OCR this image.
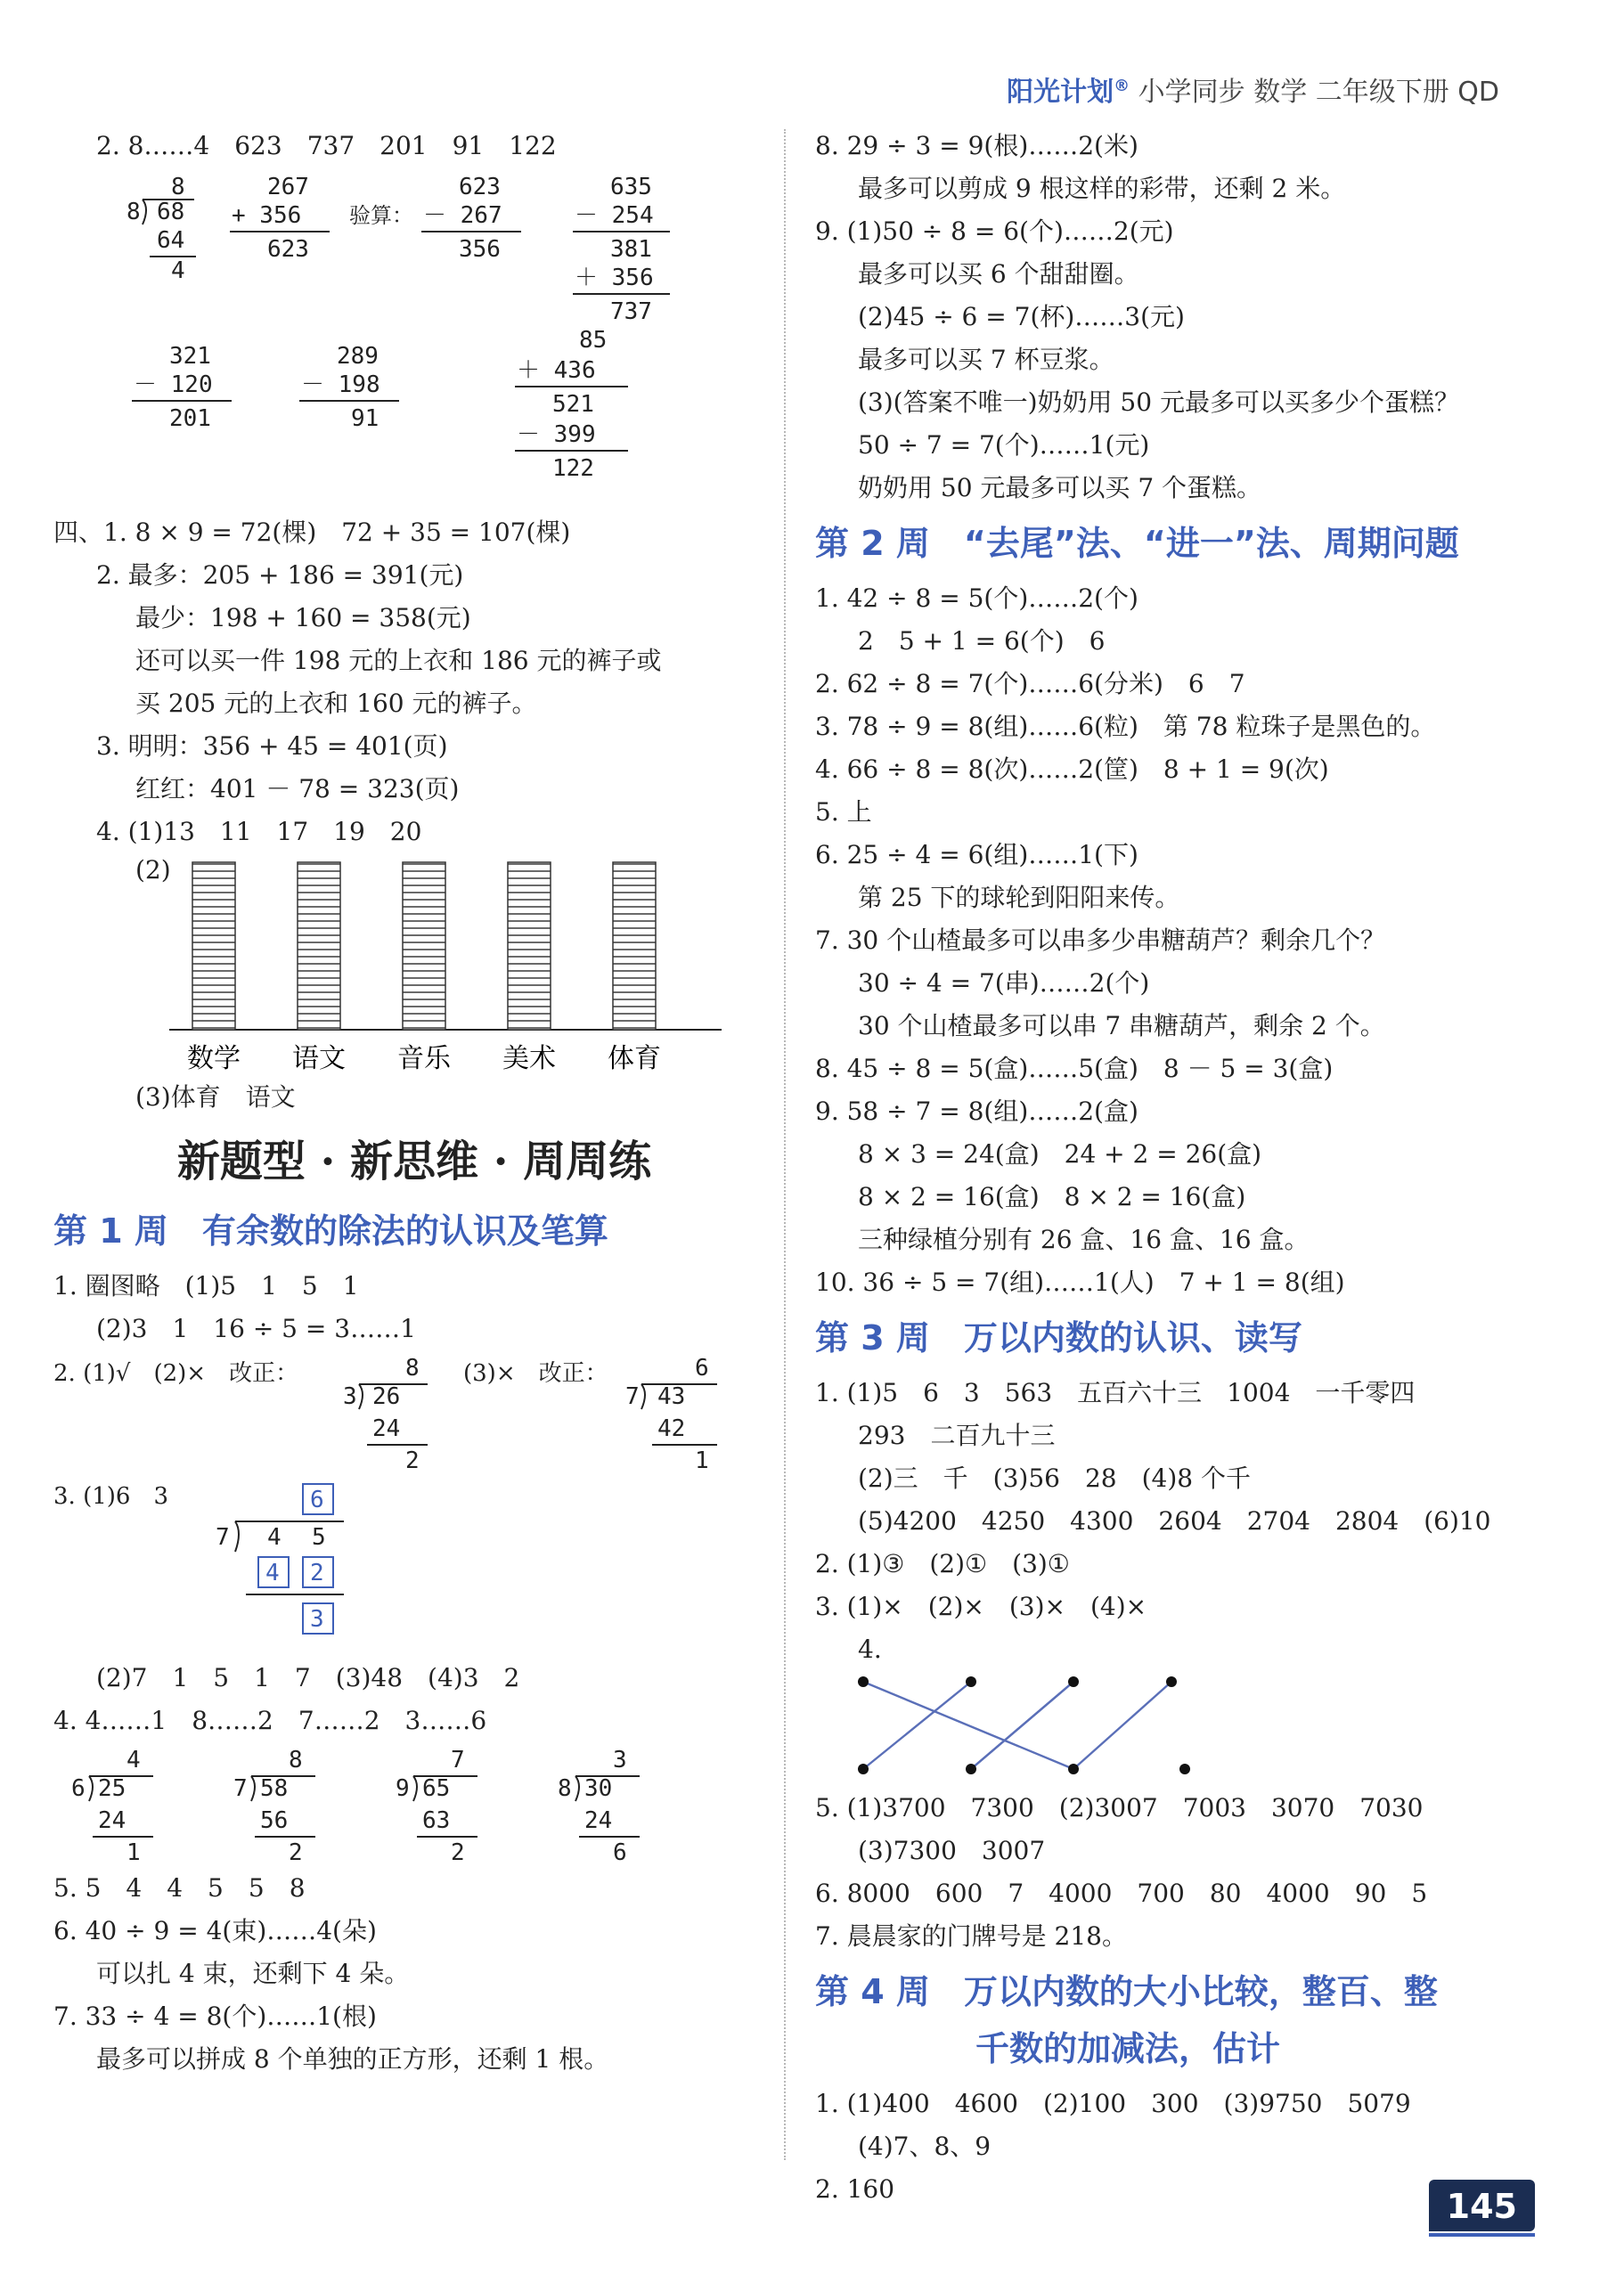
阳光计划® 小学同步 数学 二年级下册 QD
2. 8……4　623　737　201　91　122
8
8 68
64
4
267
+ 356
623
验算：
623
－ 267
356
635
－ 254
381
＋ 356
737
321
－ 120
201
289
－ 198
91
85
＋ 436
521
－ 399
122
四、1. 8 × 9 = 72(棵)　72 + 35 = 107(棵)
2. 最多：205 + 186 = 391(元)
最少：198 + 160 = 358(元)
还可以买一件 198 元的上衣和 186 元的裤子或
买 205 元的上衣和 160 元的裤子。
3. 明明：356 + 45 = 401(页)
红红：401 － 78 = 323(页)
4. (1)13　11　17　19　20
(2)
数学 语文 音乐 美术 体育
(3)体育　语文
新题型 · 新思维 · 周周练
第 1 周　有余数的除法的认识及笔算
1. 圈图略　(1)5　1　5　1
(2)3　1　16 ÷ 5 = 3……1
2. (1)√　(2)×　改正：	8
3 26
24
2
(3)×　改正：	6
7 43
42
1
3. (1)6　3	6
7 4 5
4 2
3
(2)7　1　5　1　7　(3)48　(4)3　2
4. 4……1　8……2　7……2　3……6
4
6 25
24
1
8
7 58
56
2
7
9 65
63
2
3
8 30
24
6
5. 5　4　4　5　5　8
6. 40 ÷ 9 = 4(束)……4(朵)
可以扎 4 束，还剩下 4 朵。
7. 33 ÷ 4 = 8(个)……1(根)
最多可以拼成 8 个单独的正方形，还剩 1 根。
8. 29 ÷ 3 = 9(根)……2(米)
最多可以剪成 9 根这样的彩带，还剩 2 米。
9. (1)50 ÷ 8 = 6(个)……2(元)
最多可以买 6 个甜甜圈。
(2)45 ÷ 6 = 7(杯)……3(元)
最多可以买 7 杯豆浆。
(3)(答案不唯一)奶奶用 50 元最多可以买多少个蛋糕？
50 ÷ 7 = 7(个)……1(元)
奶奶用 50 元最多可以买 7 个蛋糕。
第 2 周　“去尾”法、“进一”法、周期问题
1. 42 ÷ 8 = 5(个)……2(个)
2　5 + 1 = 6(个)　6
2. 62 ÷ 8 = 7(个)……6(分米)　6　7
3. 78 ÷ 9 = 8(组)……6(粒)　第 78 粒珠子是黑色的。
4. 66 ÷ 8 = 8(次)……2(筐)　8 + 1 = 9(次)
5. 上
6. 25 ÷ 4 = 6(组)……1(下)
第 25 下的球轮到阳阳来传。
7. 30 个山楂最多可以串多少串糖葫芦？剩余几个？
30 ÷ 4 = 7(串)……2(个)
30 个山楂最多可以串 7 串糖葫芦，剩余 2 个。
8. 45 ÷ 8 = 5(盒)……5(盒)　8 － 5 = 3(盒)
9. 58 ÷ 7 = 8(组)……2(盒)
8 × 3 = 24(盒)　24 + 2 = 26(盒)
8 × 2 = 16(盒)　8 × 2 = 16(盒)
三种绿植分别有 26 盒、16 盒、16 盒。
10. 36 ÷ 5 = 7(组)……1(人)　7 + 1 = 8(组)
第 3 周　万以内数的认识、读写
1. (1)5　6　3　563　五百六十三　1004　一千零四
293　二百九十三
(2)三　千　(3)56　28　(4)8 个千
(5)4200　4250　4300　2604　2704　2804　(6)10
2. (1)③　(2)①　(3)①
3. (1)×　(2)×　(3)×　(4)×
4.
5. (1)3700　7300　(2)3007　7003　3070　7030
(3)7300　3007
6. 8000　600　7　4000　700　80　4000　90　5
7. 晨晨家的门牌号是 218。
第 4 周　万以内数的大小比较，整百、整
千数的加减法，估计
1. (1)400　4600　(2)100　300　(3)9750　5079
(4)7、8、9
2. 160	145
